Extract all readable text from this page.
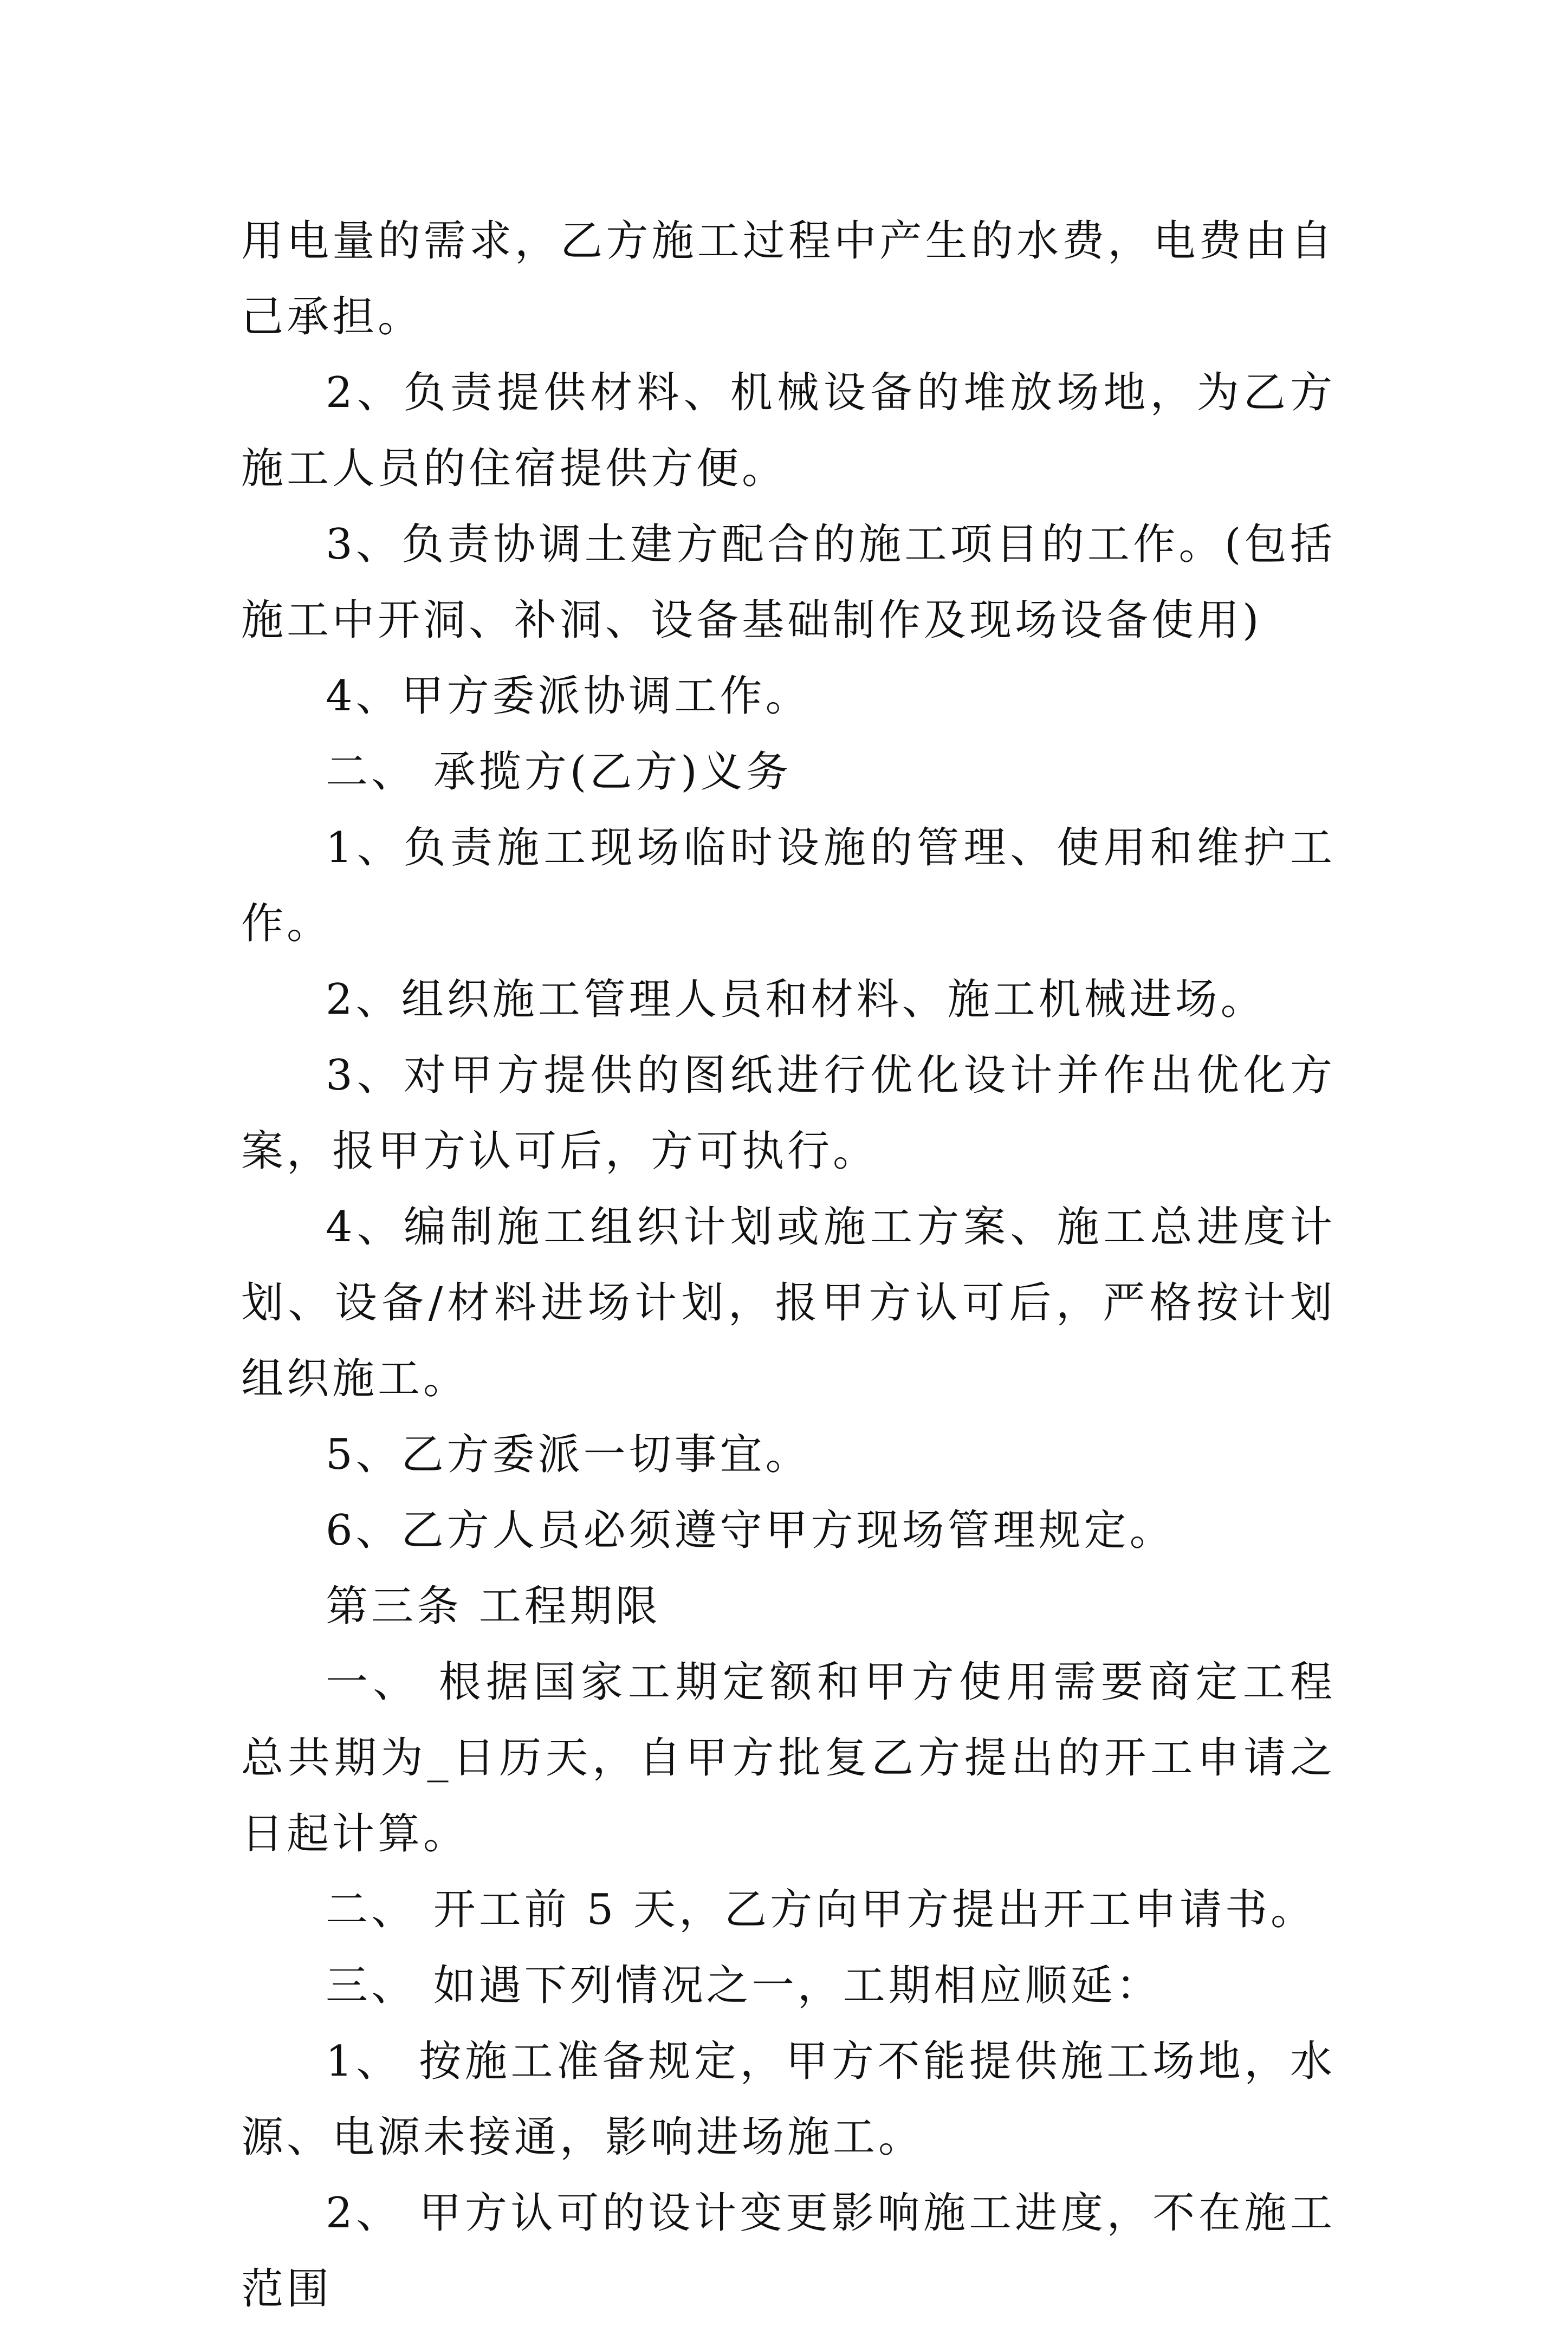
用电量的需求，乙方施工过程中产生的水费，电费由自己承担。

2、负责提供材料、机械设备的堆放场地，为乙方施工人员的住宿提供方便。

3、负责协调土建方配合的施工项目的工作。(包括施工中开洞、补洞、设备基础制作及现场设备使用)

4、甲方委派协调工作。

二、 承揽方(乙方)义务

1、负责施工现场临时设施的管理、使用和维护工作。

2、组织施工管理人员和材料、施工机械进场。

3、对甲方提供的图纸进行优化设计并作出优化方案，报甲方认可后，方可执行。

4、编制施工组织计划或施工方案、施工总进度计划、设备/材料进场计划，报甲方认可后，严格按计划组织施工。

5、乙方委派一切事宜。

6、乙方人员必须遵守甲方现场管理规定。

第三条 工程期限

一、 根据国家工期定额和甲方使用需要商定工程总共期为_日历天，自甲方批复乙方提出的开工申请之日起计算。

二、 开工前 5 天，乙方向甲方提出开工申请书。

三、 如遇下列情况之一，工期相应顺延：

1、 按施工准备规定，甲方不能提供施工场地，水源、电源未接通，影响进场施工。

2、 甲方认可的设计变更影响施工进度，不在施工范围
